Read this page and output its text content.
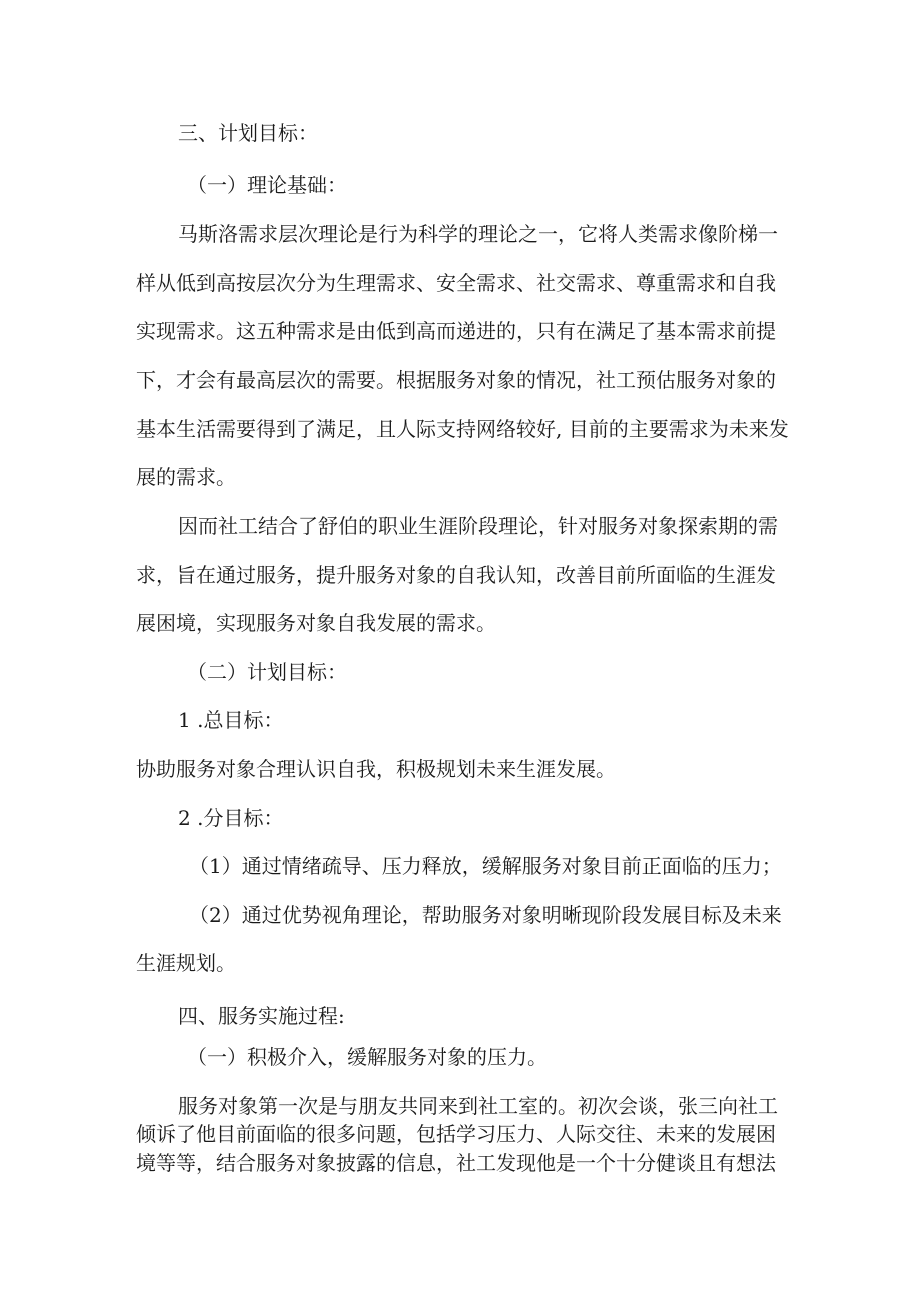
三、计划目标：
（一）理论基础：
马斯洛需求层次理论是行为科学的理论之一，它将人类需求像阶梯一
样从低到高按层次分为生理需求、安全需求、社交需求、尊重需求和自我
实现需求。这五种需求是由低到高而递进的，只有在满足了基本需求前提
下，才会有最高层次的需要。根据服务对象的情况，社工预估服务对象的
基本生活需要得到了满足，且人际支持网络较好, 目前的主要需求为未来发
展的需求。
因而社工结合了舒伯的职业生涯阶段理论，针对服务对象探索期的需
求，旨在通过服务，提升服务对象的自我认知，改善目前所面临的生涯发
展困境，实现服务对象自我发展的需求。
（二）计划目标：
1 .总目标：
协助服务对象合理认识自我，积极规划未来生涯发展。
2 .分目标：
（1）通过情绪疏导、压力释放，缓解服务对象目前正面临的压力；
（2）通过优势视角理论，帮助服务对象明晰现阶段发展目标及未来
生涯规划。
四、服务实施过程:
（一）积极介入，缓解服务对象的压力。
服务对象第一次是与朋友共同来到社工室的。初次会谈，张三向社工
倾诉了他目前面临的很多问题，包括学习压力、人际交往、未来的发展困
境等等，结合服务对象披露的信息，社工发现他是一个十分健谈且有想法
